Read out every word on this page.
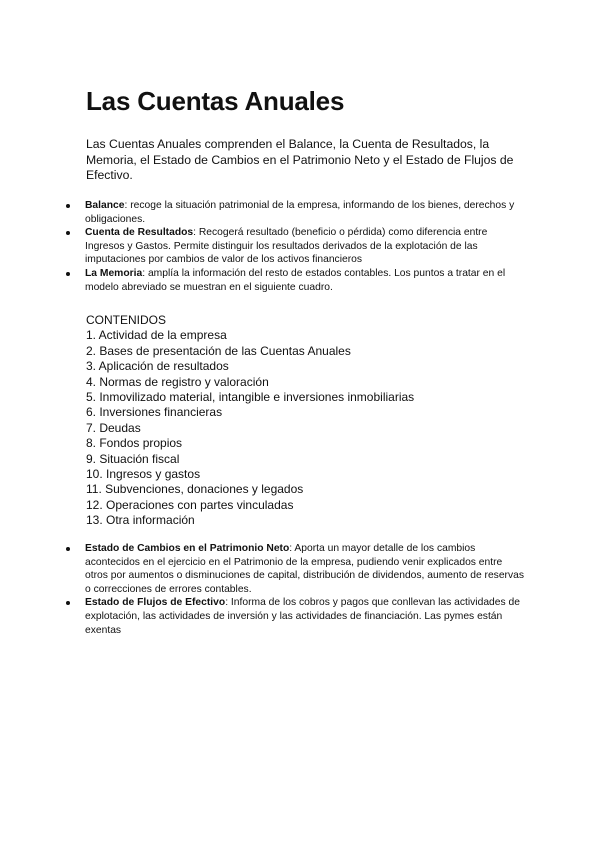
Las Cuentas Anuales

Las Cuentas Anuales comprenden el Balance, la Cuenta de Resultados, la Memoria, el Estado de Cambios en el Patrimonio Neto y el Estado de Flujos de Efectivo.

Balance: recoge la situación patrimonial de la empresa, informando de los bienes, derechos y obligaciones.
Cuenta de Resultados: Recogerá resultado (beneficio o pérdida) como diferencia entre Ingresos y Gastos. Permite distinguir los resultados derivados de la explotación de las imputaciones por cambios de valor de los activos financieros
La Memoria: amplía la información del resto de estados contables. Los puntos a tratar en el modelo abreviado se muestran en el siguiente cuadro.

CONTENIDOS

1. Actividad de la empresa
2. Bases de presentación de las Cuentas Anuales
3. Aplicación de resultados
4. Normas de registro y valoración
5. Inmovilizado material, intangible e inversiones inmobiliarias
6. Inversiones financieras
7. Deudas
8. Fondos propios
9. Situación fiscal
10. Ingresos y gastos
11. Subvenciones, donaciones y legados
12. Operaciones con partes vinculadas
13. Otra información
Estado de Cambios en el Patrimonio Neto: Aporta un mayor detalle de los cambios acontecidos en el ejercicio en el Patrimonio de la empresa, pudiendo venir explicados entre otros por aumentos o disminuciones de capital, distribución de dividendos, aumento de reservas o correcciones de errores contables.
Estado de Flujos de Efectivo: Informa de los cobros y pagos que conllevan las actividades de explotación, las actividades de inversión y las actividades de financiación. Las pymes están exentas
